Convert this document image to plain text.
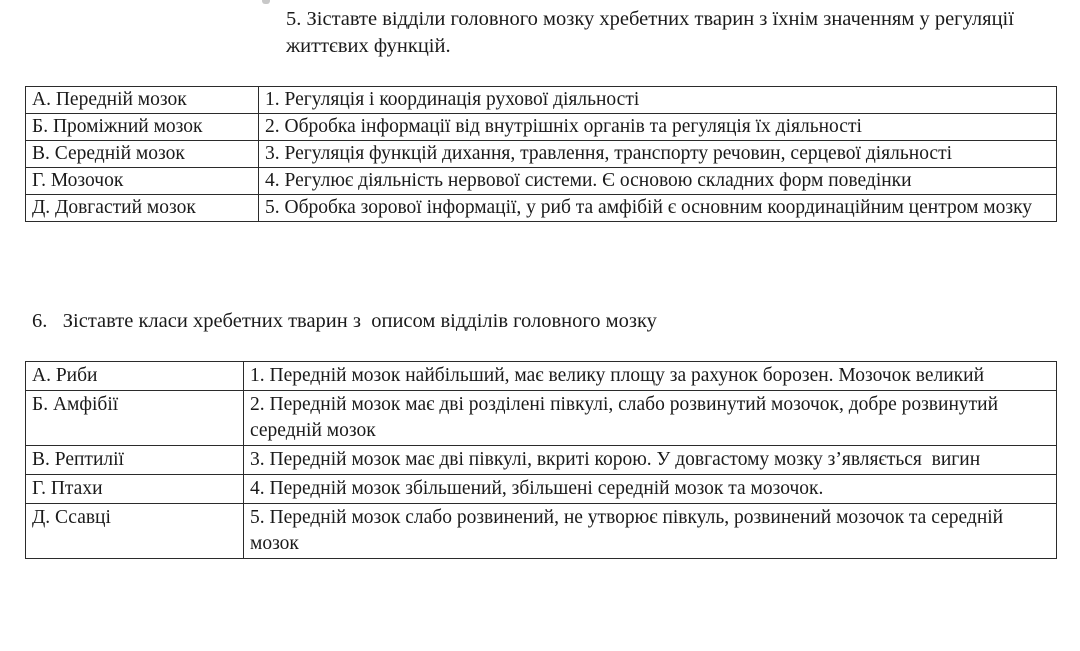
5. Зіставте відділи головного мозку хребетних тварин з їхнім значенням у регуляції життєвих функцій.

А. Передній мозок	1. Регуляція і координація рухової діяльності
Б. Проміжний мозок	2. Обробка інформації від внутрішніх органів та регуляція їх діяльності
В. Середній мозок	3. Регуляція функцій дихання, травлення, транспорту речовин, серцевої діяльності
Г. Мозочок	4. Регулює діяльність нервової системи. Є основою складних форм поведінки
Д. Довгастий мозок	5. Обробка зорової інформації, у риб та амфібій є основним координаційним центром мозку

6.   Зіставте класи хребетних тварин з  описом відділів головного мозку

А. Риби	1. Передній мозок найбільший, має велику площу за рахунок борозен. Мозочок великий
Б. Амфібії	2. Передній мозок має дві розділені півкулі, слабо розвинутий мозочок, добре розвинутий середній мозок
В. Рептилії	3. Передній мозок має дві півкулі, вкриті корою. У довгастому мозку з’являється  вигин
Г. Птахи	4. Передній мозок збільшений, збільшені середній мозок та мозочок.
Д. Ссавці	5. Передній мозок слабо розвинений, не утворює півкуль, розвинений мозочок та середній мозок
